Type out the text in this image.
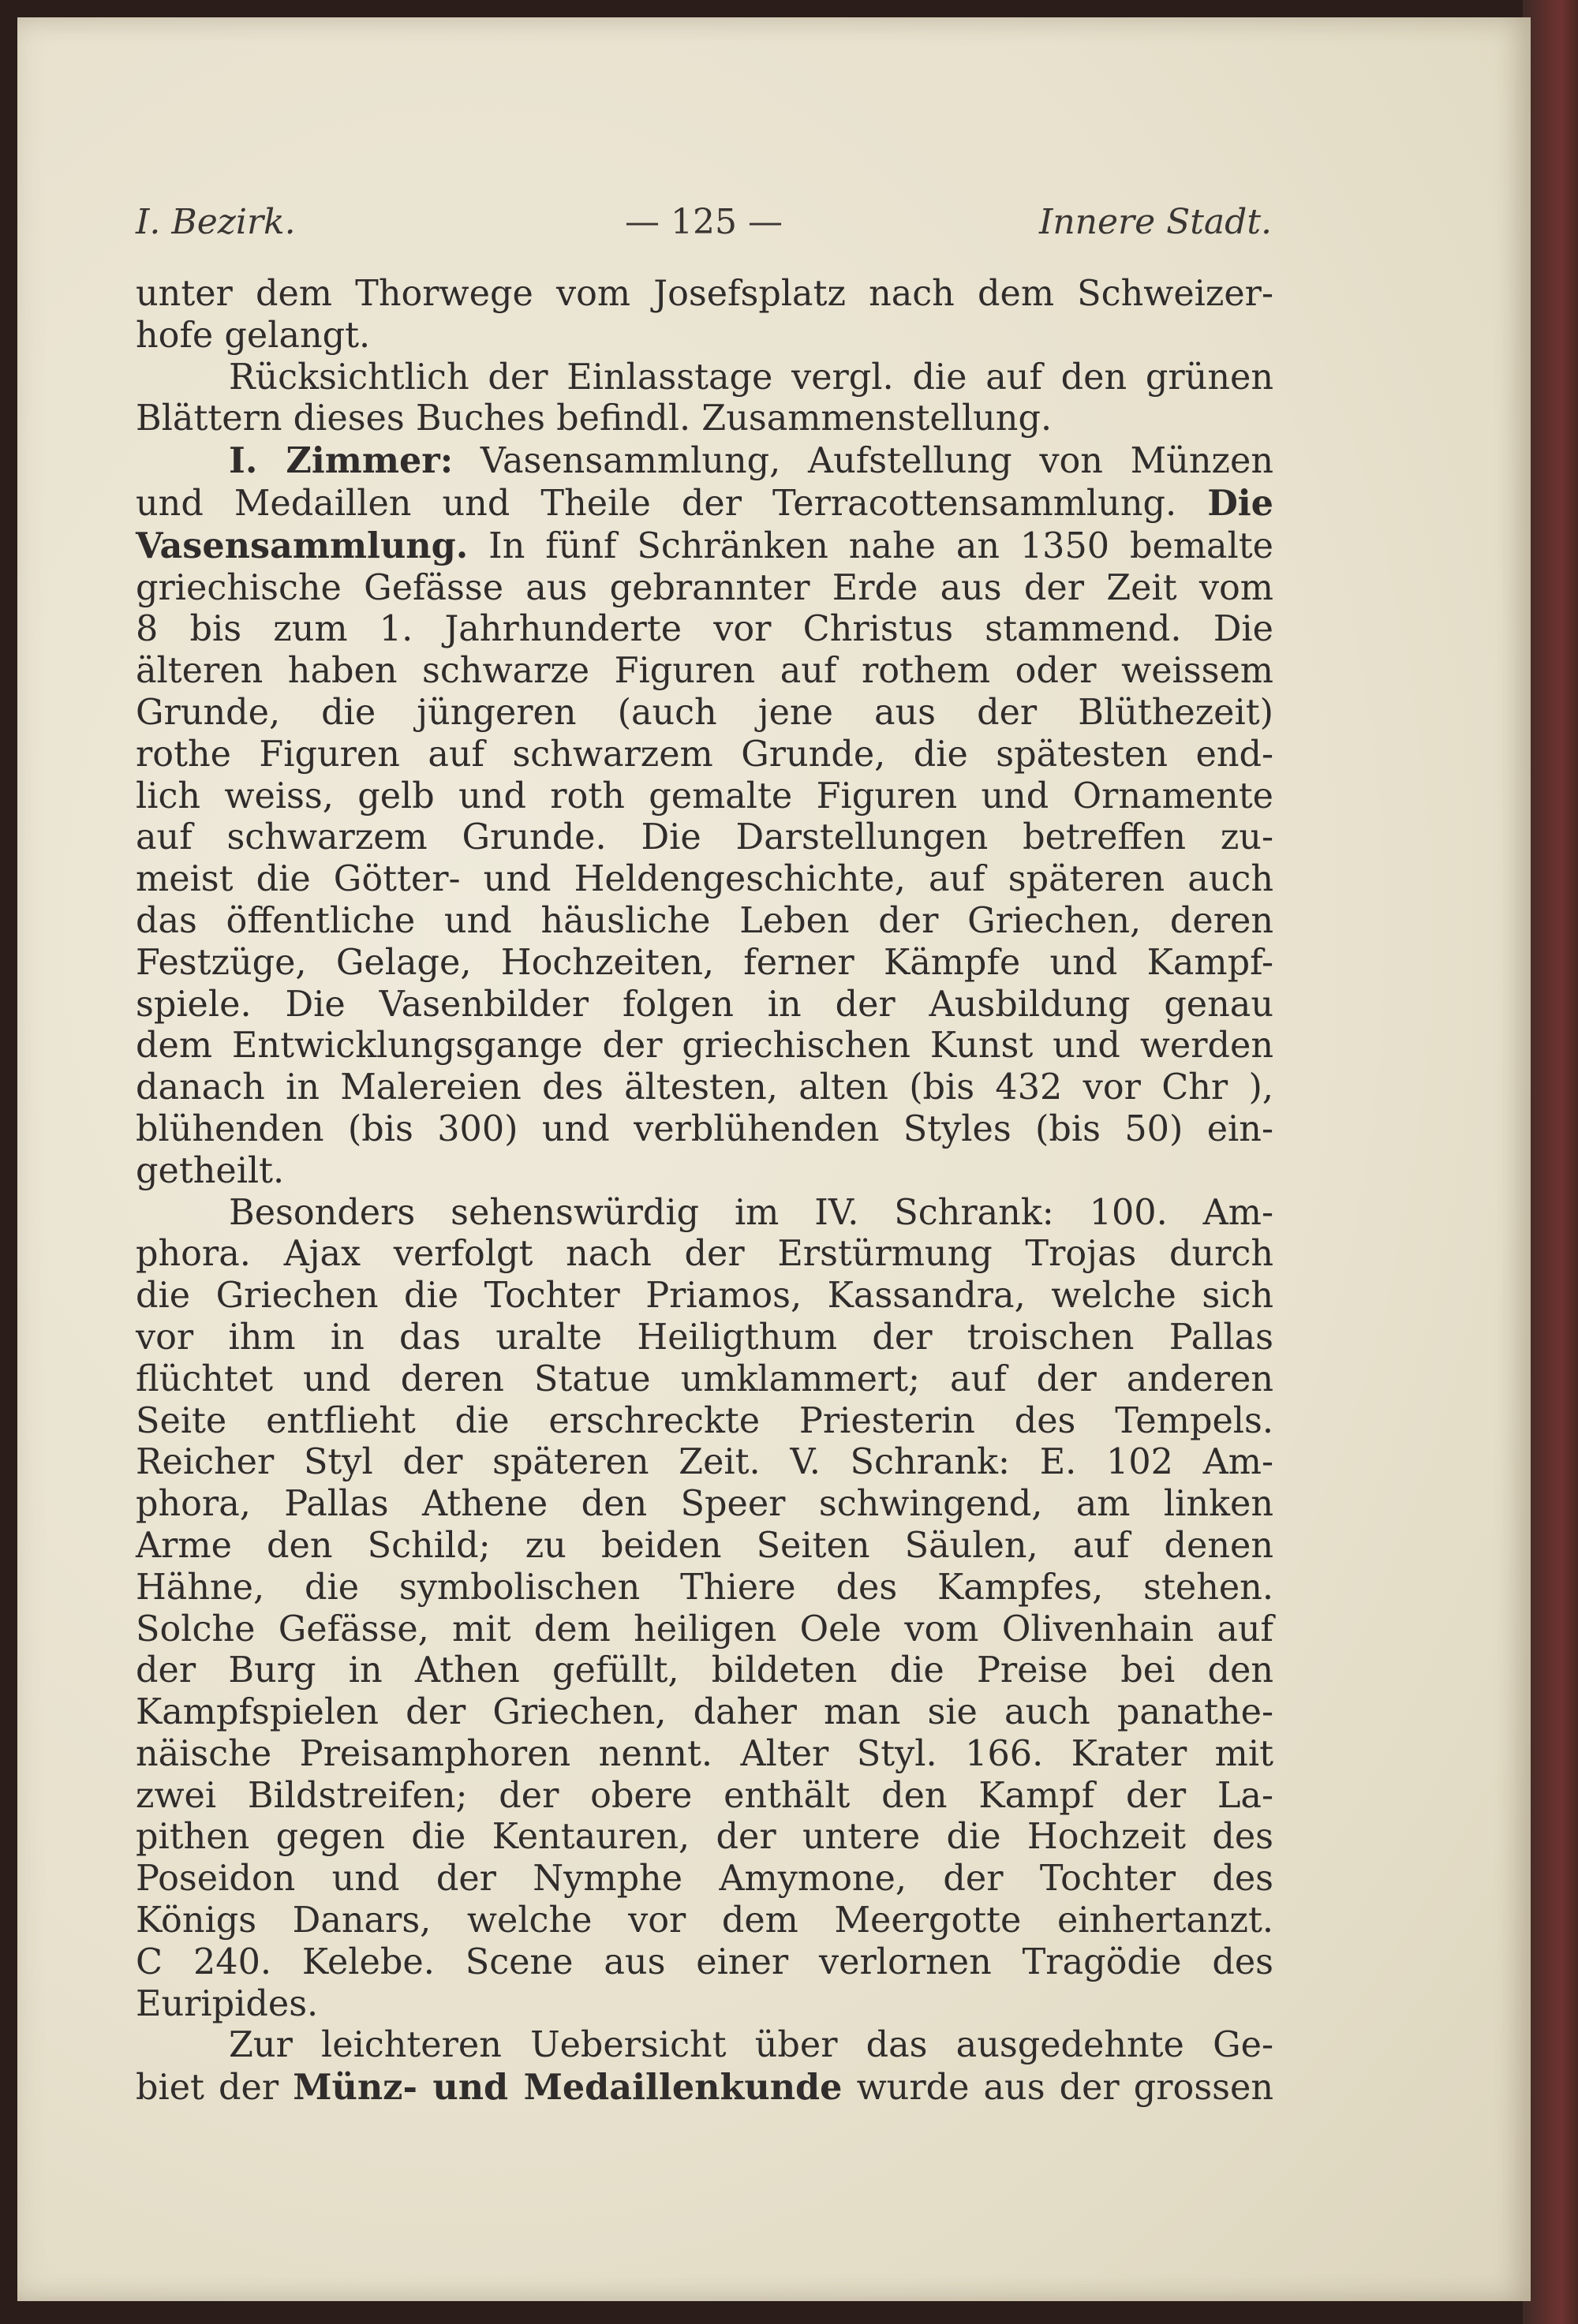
I. Bezirk.	— 125 —	Innere Stadt.

unter dem Thorwege vom Josefsplatz nach dem Schweizer-

hofe gelangt.

Rücksichtlich der Einlasstage vergl. die auf den grünen

Blättern dieses Buches befindl. Zusammenstellung.

I. Zimmer: Vasensammlung, Aufstellung von Münzen

und Medaillen und Theile der Terracottensammlung. Die

Vasensammlung. In fünf Schränken nahe an 1350 bemalte

griechische Gefässe aus gebrannter Erde aus der Zeit vom

8 bis zum 1. Jahrhunderte vor Christus stammend. Die

älteren haben schwarze Figuren auf rothem oder weissem

Grunde, die jüngeren (auch jene aus der Blüthezeit)

rothe Figuren auf schwarzem Grunde, die spätesten end-

lich weiss, gelb und roth gemalte Figuren und Ornamente

auf schwarzem Grunde. Die Darstellungen betreffen zu-

meist die Götter- und Heldengeschichte, auf späteren auch

das öffentliche und häusliche Leben der Griechen, deren

Festzüge, Gelage, Hochzeiten, ferner Kämpfe und Kampf-

spiele. Die Vasenbilder folgen in der Ausbildung genau

dem Entwicklungsgange der griechischen Kunst und werden

danach in Malereien des ältesten, alten (bis 432 vor Chr ),

blühenden (bis 300) und verblühenden Styles (bis 50) ein-

getheilt.

Besonders sehenswürdig im IV. Schrank: 100. Am-

phora. Ajax verfolgt nach der Erstürmung Trojas durch

die Griechen die Tochter Priamos, Kassandra, welche sich

vor ihm in das uralte Heiligthum der troischen Pallas

flüchtet und deren Statue umklammert; auf der anderen

Seite entflieht die erschreckte Priesterin des Tempels.

Reicher Styl der späteren Zeit. V. Schrank: E. 102 Am-

phora, Pallas Athene den Speer schwingend, am linken

Arme den Schild; zu beiden Seiten Säulen, auf denen

Hähne, die symbolischen Thiere des Kampfes, stehen.

Solche Gefässe, mit dem heiligen Oele vom Olivenhain auf

der Burg in Athen gefüllt, bildeten die Preise bei den

Kampfspielen der Griechen, daher man sie auch panathe-

näische Preisamphoren nennt. Alter Styl. 166. Krater mit

zwei Bildstreifen; der obere enthält den Kampf der La-

pithen gegen die Kentauren, der untere die Hochzeit des

Poseidon und der Nymphe Amymone, der Tochter des

Königs Danars, welche vor dem Meergotte einhertanzt.

C 240. Kelebe. Scene aus einer verlornen Tragödie des

Euripides.

Zur leichteren Uebersicht über das ausgedehnte Ge-

biet der Münz- und Medaillenkunde wurde aus der grossen
